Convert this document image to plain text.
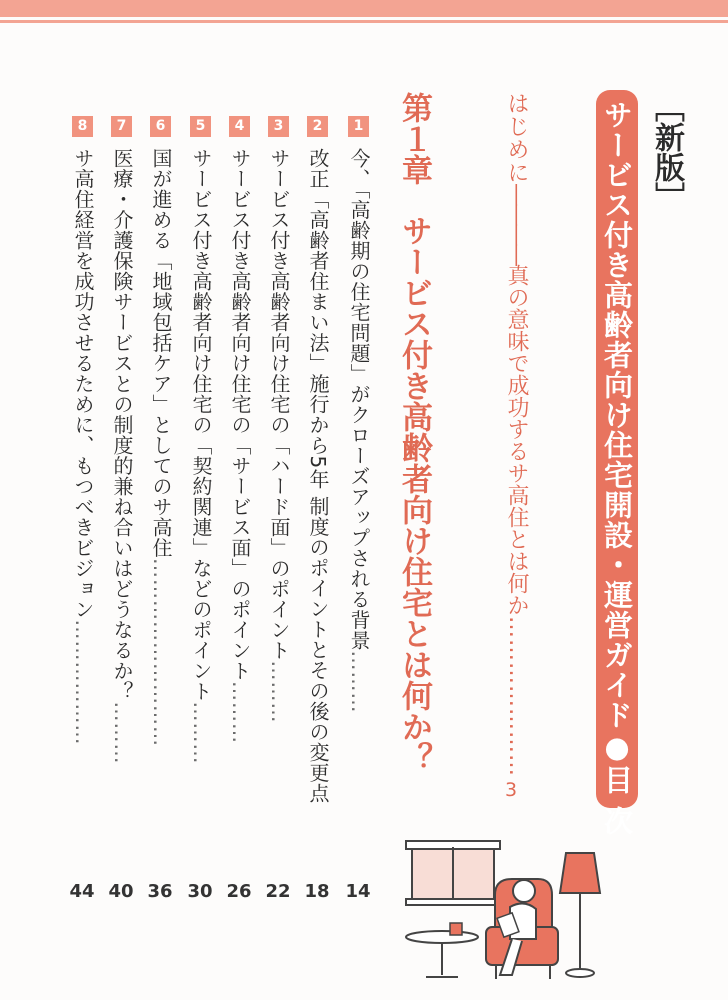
［新版］
サービス付き高齢者向け住宅開設・運営ガイド●目 次
はじめに――――真の意味で成功するサ高住とは何か…………………
3
第１章サービス付き高齢者向け住宅とは何か？
1
今、「高齢期の住宅問題」がクローズアップされる背景………
14
2
改正「高齢者住まい法」施行から5年 制度のポイントとその後の変更点
18
3
サービス付き高齢者向け住宅の「ハード面」のポイント………
22
4
サービス付き高齢者向け住宅の「サービス面」のポイント………
26
5
サービス付き高齢者向け住宅の「契約関連」などのポイント………
30
6
国が進める「地域包括ケア」としてのサ高住………………………
36
7
医療・介護保険サービスとの制度的兼ね合いはどうなるか？………
40
8
サ高住経営を成功させるために、もつべきビジョン………………
44
